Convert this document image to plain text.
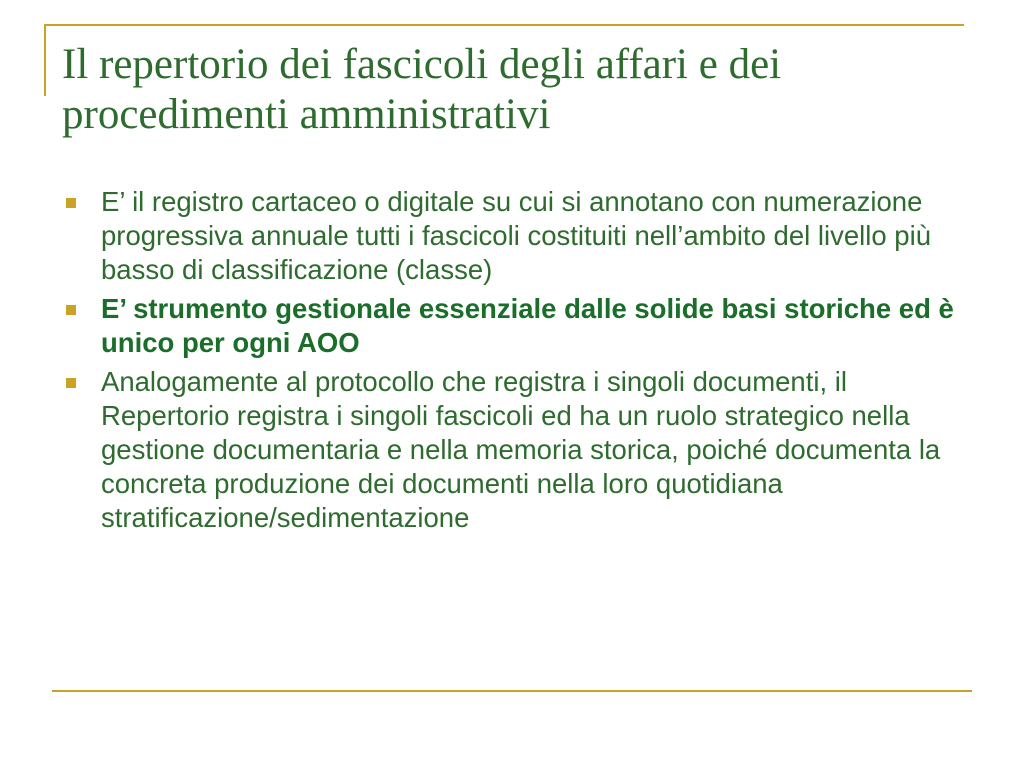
Il repertorio dei fascicoli degli affari e dei procedimenti amministrativi
E’ il registro cartaceo o digitale su cui si annotano con numerazione progressiva annuale tutti i fascicoli costituiti nell’ambito del livello più basso di classificazione (classe)
E’ strumento gestionale essenziale dalle solide basi storiche ed è unico per ogni AOO
Analogamente al protocollo che registra i singoli documenti, il Repertorio registra i singoli fascicoli ed ha un ruolo strategico nella gestione documentaria e nella memoria storica, poiché documenta la concreta produzione dei documenti nella loro quotidiana stratificazione/sedimentazione
